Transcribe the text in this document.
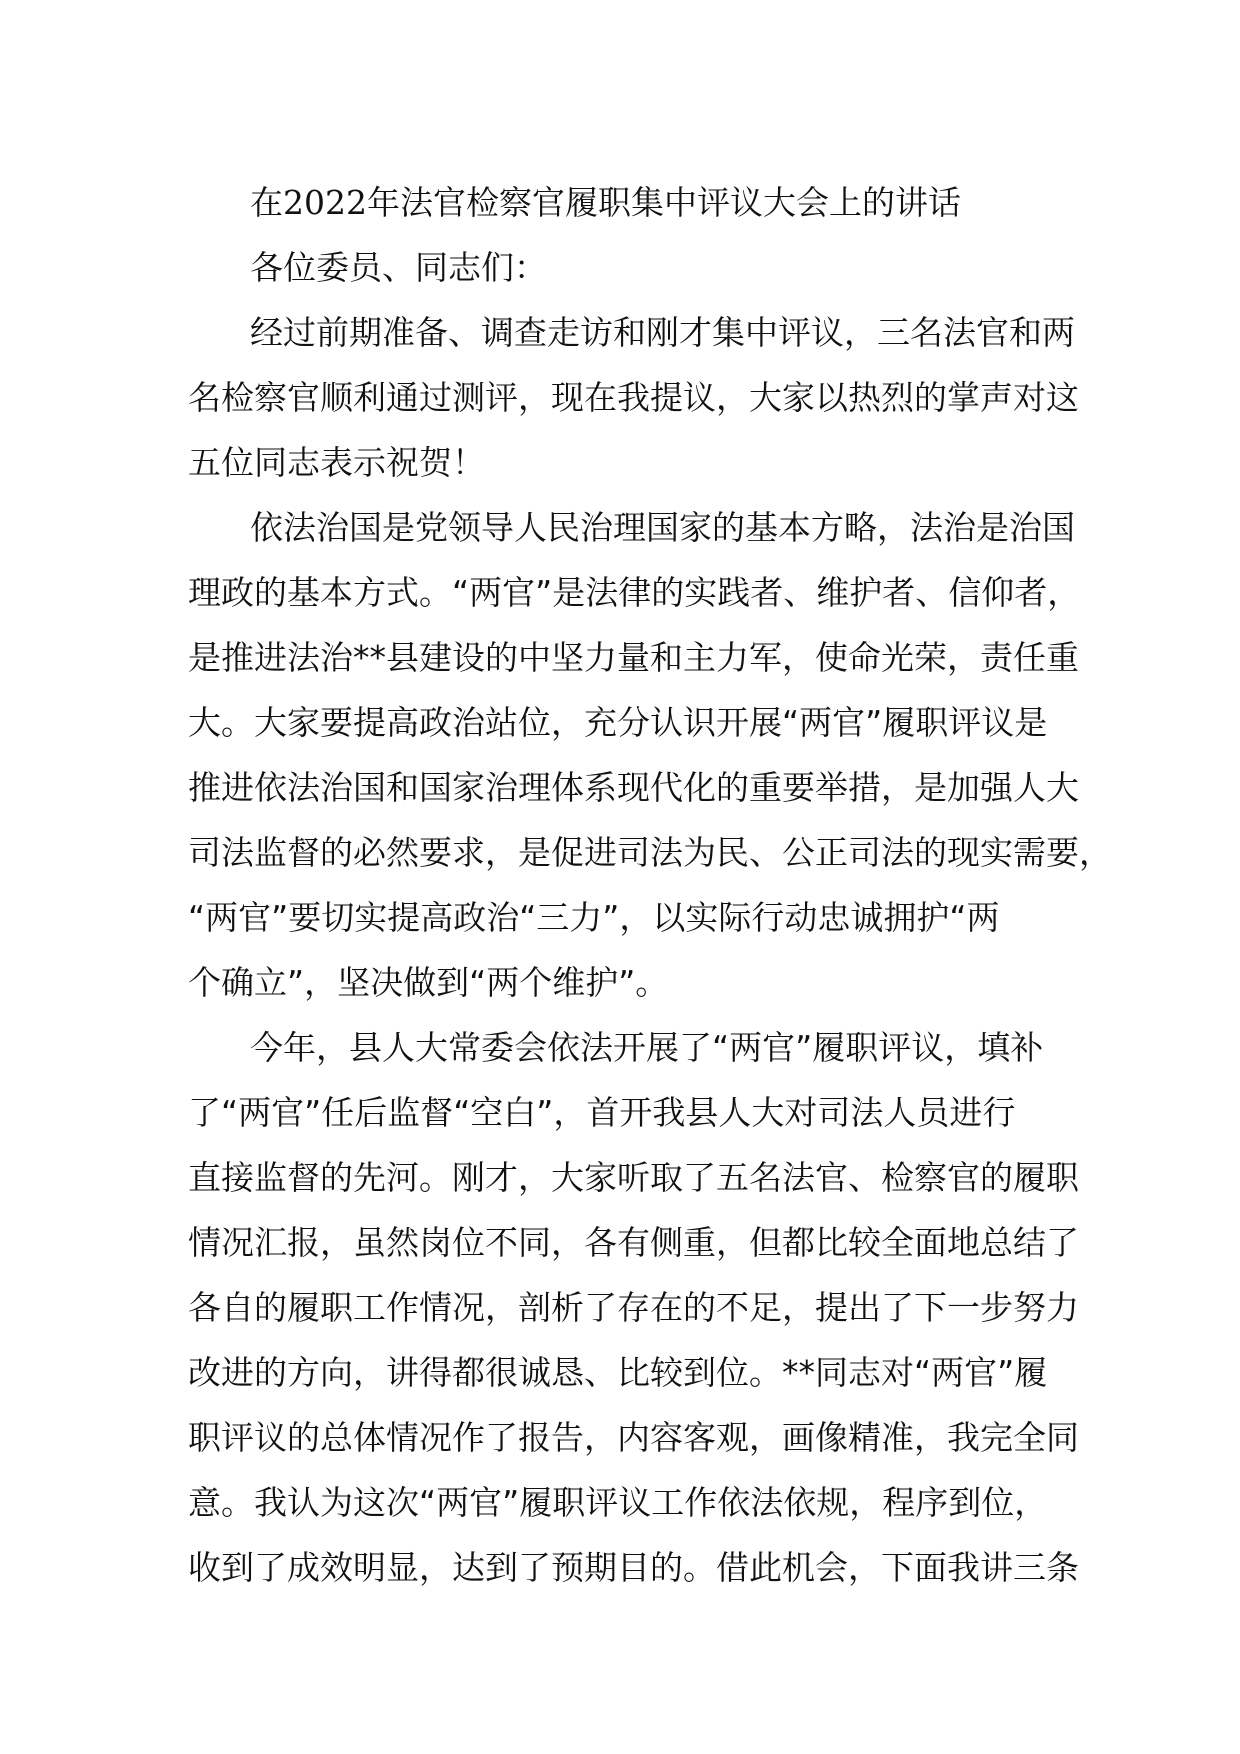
在2022年法官检察官履职集中评议大会上的讲话
各位委员、同志们：
经过前期准备、调查走访和刚才集中评议，三名法官和两
名检察官顺利通过测评，现在我提议，大家以热烈的掌声对这
五位同志表示祝贺！
依法治国是党领导人民治理国家的基本方略，法治是治国
理政的基本方式。“两官”是法律的实践者、维护者、信仰者，
是推进法治**县建设的中坚力量和主力军，使命光荣，责任重
大。大家要提高政治站位，充分认识开展“两官”履职评议是
推进依法治国和国家治理体系现代化的重要举措，是加强人大
司法监督的必然要求，是促进司法为民、公正司法的现实需要，
“两官”要切实提高政治“三力”，以实际行动忠诚拥护“两
个确立”，坚决做到“两个维护”。
今年，县人大常委会依法开展了“两官”履职评议，填补
了“两官”任后监督“空白”，首开我县人大对司法人员进行
直接监督的先河。刚才，大家听取了五名法官、检察官的履职
情况汇报，虽然岗位不同，各有侧重，但都比较全面地总结了
各自的履职工作情况，剖析了存在的不足，提出了下一步努力
改进的方向，讲得都很诚恳、比较到位。**同志对“两官”履
职评议的总体情况作了报告，内容客观，画像精准，我完全同
意。我认为这次“两官”履职评议工作依法依规，程序到位，
收到了成效明显，达到了预期目的。借此机会，下面我讲三条
